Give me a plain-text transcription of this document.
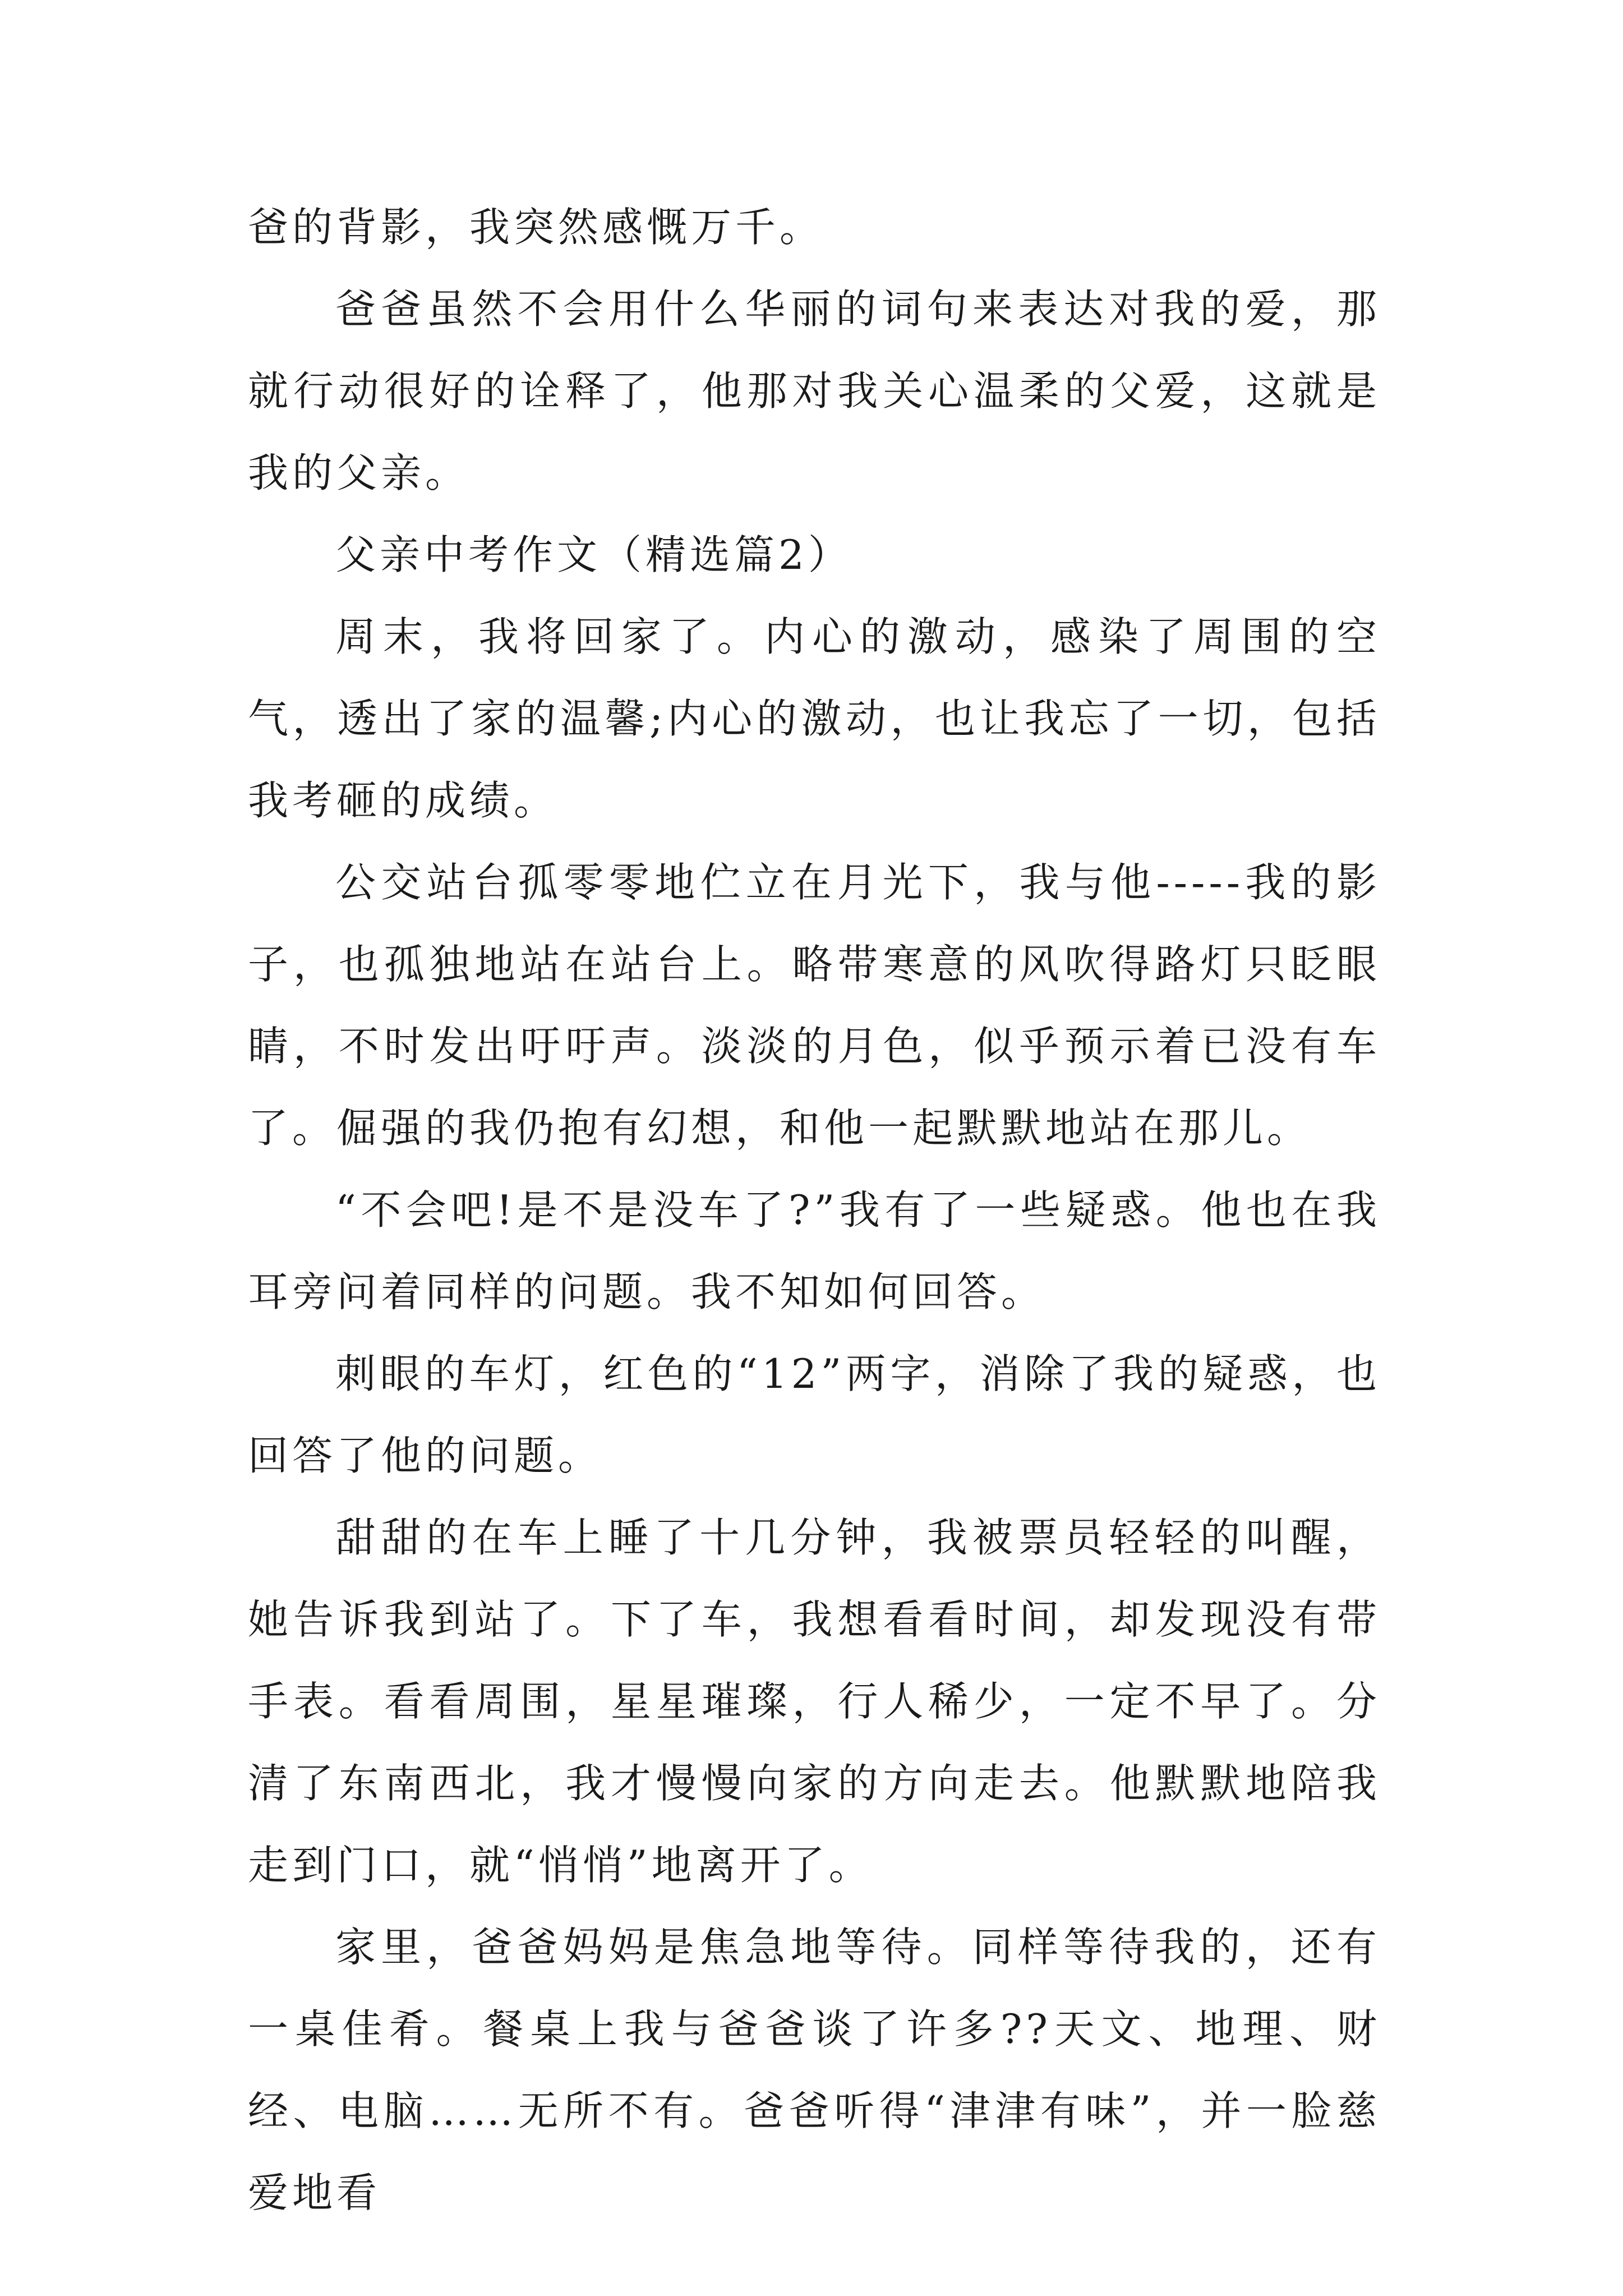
爸的背影，我突然感慨万千。

爸爸虽然不会用什么华丽的词句来表达对我的爱，那就行动很好的诠释了，他那对我关心温柔的父爱，这就是我的父亲。

父亲中考作文（精选篇2）

周末，我将回家了。内心的激动，感染了周围的空气，透出了家的温馨;内心的激动，也让我忘了一切，包括我考砸的成绩。

公交站台孤零零地伫立在月光下，我与他-----我的影子，也孤独地站在站台上。略带寒意的风吹得路灯只眨眼睛，不时发出吁吁声。淡淡的月色，似乎预示着已没有车了。倔强的我仍抱有幻想，和他一起默默地站在那儿。

“不会吧!是不是没车了?”我有了一些疑惑。他也在我耳旁问着同样的问题。我不知如何回答。

刺眼的车灯，红色的“12”两字，消除了我的疑惑，也回答了他的问题。

甜甜的在车上睡了十几分钟，我被票员轻轻的叫醒，她告诉我到站了。下了车，我想看看时间，却发现没有带手表。看看周围，星星璀璨，行人稀少，一定不早了。分清了东南西北，我才慢慢向家的方向走去。他默默地陪我走到门口，就“悄悄”地离开了。

家里，爸爸妈妈是焦急地等待。同样等待我的，还有一桌佳肴。餐桌上我与爸爸谈了许多??天文、地理、财经、电脑……无所不有。爸爸听得“津津有味”，并一脸慈爱地看
